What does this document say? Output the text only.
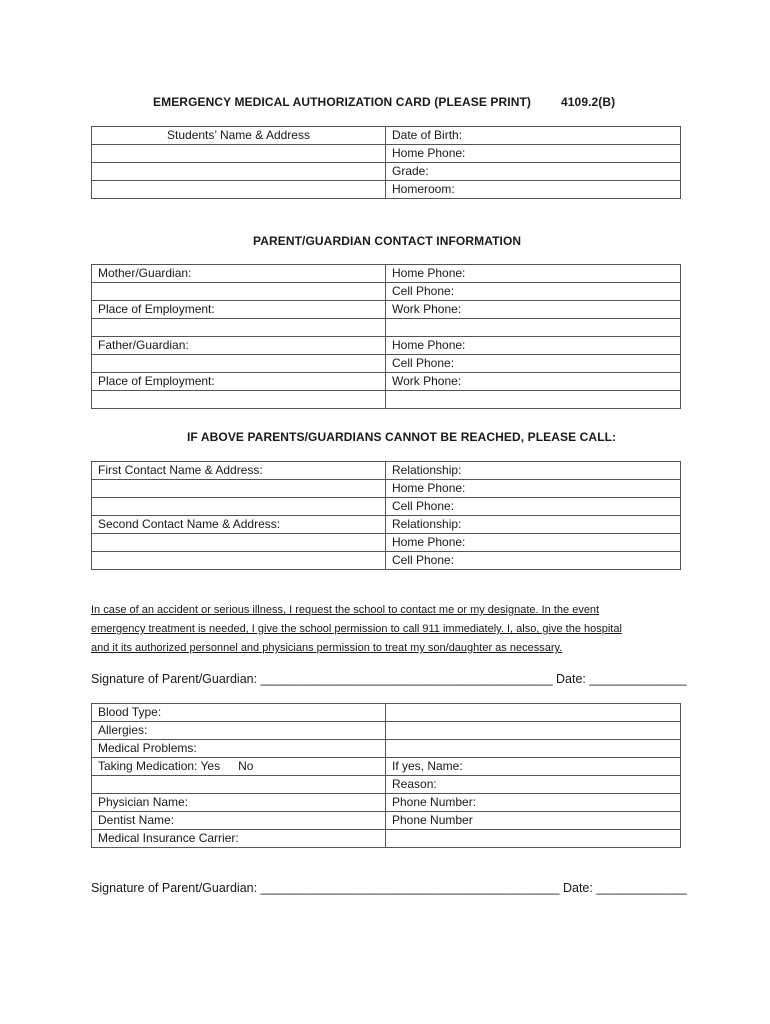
EMERGENCY MEDICAL AUTHORIZATION CARD (PLEASE PRINT)	4109.2(B)
Students’ Name & Address	Date of Birth:
	Home Phone:
	Grade:
	Homeroom:
PARENT/GUARDIAN CONTACT INFORMATION
Mother/Guardian:	Home Phone:
	Cell Phone:
Place of Employment:	Work Phone:

Father/Guardian:	Home Phone:
	Cell Phone:
Place of Employment:	Work Phone:

IF ABOVE PARENTS/GUARDIANS CANNOT BE REACHED, PLEASE CALL:
First Contact Name & Address:	Relationship:
	Home Phone:
	Cell Phone:
Second Contact Name & Address:	Relationship:
	Home Phone:
	Cell Phone:
In case of an accident or serious illness, I request the school to contact me or my designate. In the event
emergency treatment is needed, I give the school permission to call 911 immediately. I, also, give the hospital
and it its authorized personnel and physicians permission to treat my son/daughter as necessary.
Signature of Parent/Guardian: __________________________________________ Date: ______________
Blood Type:	
Allergies:	
Medical Problems:	
Taking Medication: Yes No	If yes, Name:
	Reason:
Physician Name:	Phone Number:
Dentist Name:	Phone Number
Medical Insurance Carrier:	
Signature of Parent/Guardian: ___________________________________________ Date: _____________
